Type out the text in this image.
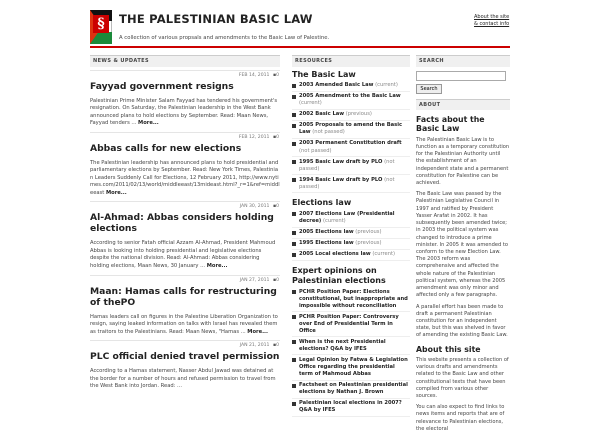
§	THE PALESTINIAN BASIC LAW
A collection of various propsals and amendments to the Basic Law of Palestine.
About the site
& contact info
NEWS & UPDATES
FEB 14, 2011 ▪0
Fayyad government resigns
Palestinian Prime Minister Salam Fayyad has tendered his government's resignation. On Saturday, the Palestinian leadership in the West Bank announced plans to hold elections by September. Read: Maan News, Fayyad tenders ... More...
FEB 12, 2011 ▪0
Abbas calls for new elections
The Palestinian leadership has announced plans to hold presidential and parliamentary elections by September. Read: New York Times, Palestinian Leaders Suddenly Call for Elections, 12 February 2011, http://www.nytimes.com/2011/02/13/world/middleeast/13mideast.html?_r=1&ref=middleeast More...
JAN 30, 2011 ▪0
Al-Ahmad: Abbas considers holding elections
According to senior Fatah official Azzam Al-Ahmad, President Mahmoud Abbas is looking into holding presidential and legislative elections despite the national division. Read: Al-Ahmad: Abbas considering holding elections, Maan News, 30 January ... More...
JAN 27, 2011 ▪0
Maan: Hamas calls for restructuring of thePO
Hamas leaders call on figures in the Palestine Liberation Organization to resign, saying leaked information on talks with Israel has revealed them as traitors to the Palestinians. Read: Maan News, "Hamas ... More...
JAN 21, 2011 ▪0
PLC official denied travel permission
According to a Hamas statement, Nasser Abdul Jawad was detained at the border for a number of hours and refused permission to travel from the West Bank into Jordan. Read: ...
RESOURCES
The Basic Law
2003 Amended Basic Law (current)
2005 Amendment to the Basic Law (current)
2002 Basic Law (previous)
2005 Proposals to amend the Basic Law (not passed)
2003 Permanent Constitution draft (not passed)
1995 Basic Law draft by PLO (not passed)
1994 Basic Law draft by PLO (not passed)
Elections law
2007 Elections Law (Presidential decree) (current)
2005 Elections law (previous)
1995 Elections law (previous)
2005 Local elections law (current)
Expert opinions on Palestinian elections
PCHR Position Paper: Elections constitutional, but inappropriate and impossible without reconciliation
PCHR Position Paper: Controversy over End of Presidential Term in Office
When is the next Presidential elections? Q&A by IFES
Legal Opinion by Fatwa & Legislation Office regarding the presidential term of Mahmoud Abbas
Factsheet on Palestinian presidential elections by Nathan J. Brown
Palestinian local elections in 2007? Q&A by IFES
SEARCH

Search
ABOUT
Facts about the Basic Law

The Palestinian Basic Law is to function as a temporary constitution for the Palestinian Authority until the establishment of an independent state and a permanent constitution for Palestine can be achieved.

The Basic Law was passed by the Palestinian Legislative Council in 1997 and ratified by President Yasser Arafat in 2002. It has subsequently been amended twice; in 2003 the political system was changed to introduce a prime minister. In 2005 it was amended to conform to the new Election Law. The 2003 reform was comprehensive and affected the whole nature of the Palestinian political system, whereas the 2005 amendment was only minor and affected only a few paragraphs.

A parallel effort has been made to draft a permanent Palestinian constitution for an independent state, but this was shelved in favor of amending the existing Basic Law.

About this site

This website presents a collection of various drafts and amendments related to the Basic Law and other constitutional texts that have been compiled from various other sources.

You can also expect to find links to news items and reports that are of relevance to Palestinian elections, the electoral
